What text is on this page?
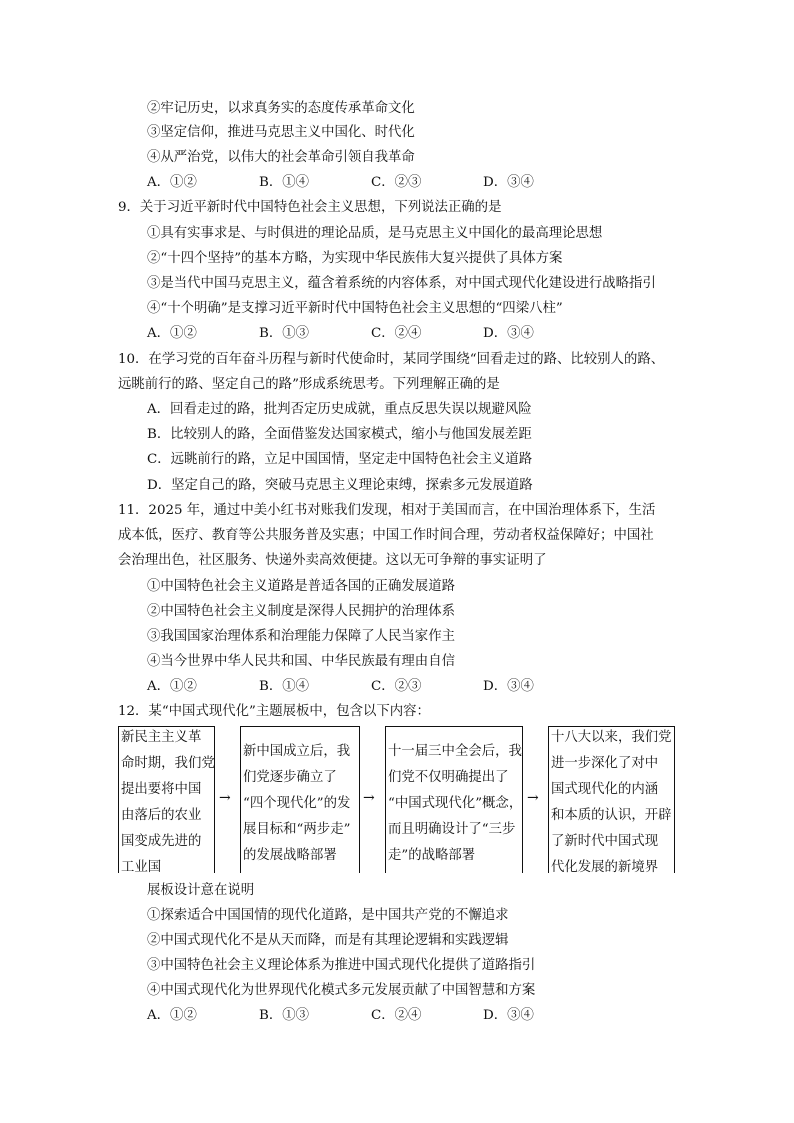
②牢记历史，以求真务实的态度传承革命文化
③坚定信仰，推进马克思主义中国化、时代化
④从严治党，以伟大的社会革命引领自我革命
A．①②	B．①④	C．②③	D．③④
9．关于习近平新时代中国特色社会主义思想，下列说法正确的是
①具有实事求是、与时俱进的理论品质，是马克思主义中国化的最高理论思想
②“十四个坚持”的基本方略，为实现中华民族伟大复兴提供了具体方案
③是当代中国马克思主义，蕴含着系统的内容体系，对中国式现代化建设进行战略指引
④“十个明确”是支撑习近平新时代中国特色社会主义思想的“四梁八柱”
A．①②	B．①③	C．②④	D．③④
10．在学习党的百年奋斗历程与新时代使命时，某同学围绕“回看走过的路、比较别人的路、
远眺前行的路、坚定自己的路”形成系统思考。下列理解正确的是
A．回看走过的路，批判否定历史成就，重点反思失误以规避风险
B．比较别人的路，全面借鉴发达国家模式，缩小与他国发展差距
C．远眺前行的路，立足中国国情，坚定走中国特色社会主义道路
D．坚定自己的路，突破马克思主义理论束缚，探索多元发展道路
11．2025 年，通过中美小红书对账我们发现，相对于美国而言，在中国治理体系下，生活
成本低，医疗、教育等公共服务普及实惠；中国工作时间合理，劳动者权益保障好；中国社
会治理出色，社区服务、快递外卖高效便捷。这以无可争辩的事实证明了
①中国特色社会主义道路是普适各国的正确发展道路
②中国特色社会主义制度是深得人民拥护的治理体系
③我国国家治理体系和治理能力保障了人民当家作主
④当今世界中华人民共和国、中华民族最有理由自信
A．①②	B．①④	C．②③	D．③④
12．某“中国式现代化”主题展板中，包含以下内容：
新民主主义革
命时期，我们党
提出要将中国
由落后的农业
国变成先进的
工业国
→
新中国成立后，我
们党逐步确立了
“四个现代化”的发
展目标和“两步走”
的发展战略部署
→
十一届三中全会后，我
们党不仅明确提出了
“中国式现代化”概念，
而且明确设计了“三步
走”的战略部署
→
十八大以来，我们党
进一步深化了对中
国式现代化的内涵
和本质的认识，开辟
了新时代中国式现
代化发展的新境界
展板设计意在说明
①探索适合中国国情的现代化道路，是中国共产党的不懈追求
②中国式现代化不是从天而降，而是有其理论逻辑和实践逻辑
③中国特色社会主义理论体系为推进中国式现代化提供了道路指引
④中国式现代化为世界现代化模式多元发展贡献了中国智慧和方案
A．①②	B．①③	C．②④	D．③④
